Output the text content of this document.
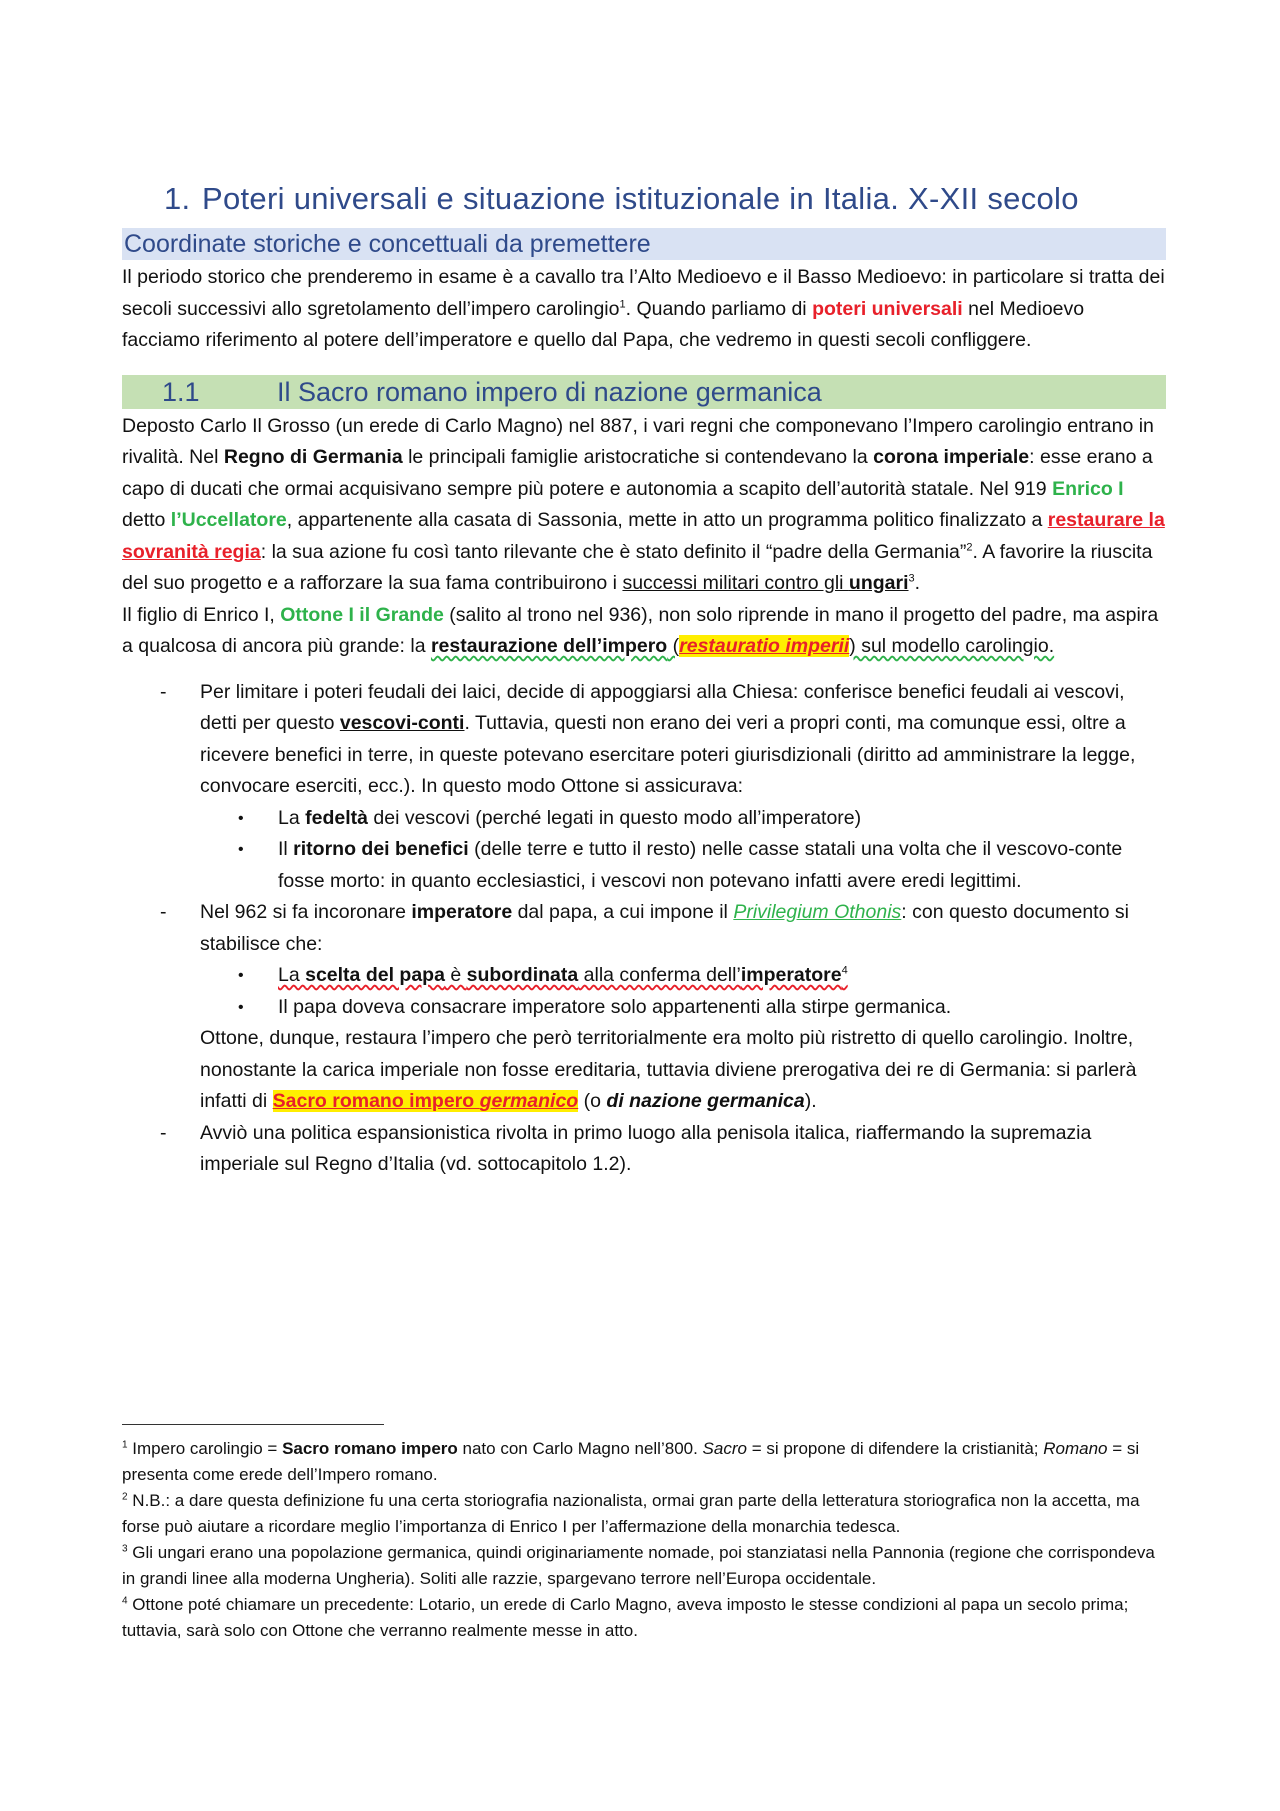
1. Poteri universali e situazione istituzionale in Italia. X-XII secolo
Coordinate storiche e concettuali da premettere

Il periodo storico che prenderemo in esame è a cavallo tra l’Alto Medioevo e il Basso Medioevo: in particolare si tratta dei secoli successivi allo sgretolamento dell’impero carolingio$^1$. Quando parliamo di poteri universali nel Medioevo facciamo riferimento al potere dell’imperatore e quello dal Papa, che vedremo in questi secoli confliggere.

1.1	Il Sacro romano impero di nazione germanica

Deposto Carlo Il Grosso (un erede di Carlo Magno) nel 887, i vari regni che componevano l’Impero carolingio entrano in rivalità. Nel Regno di Germania le principali famiglie aristocratiche si contendevano la corona imperiale: esse erano a capo di ducati che ormai acquisivano sempre più potere e autonomia a scapito dell’autorità statale. Nel 919 Enrico I detto l’Uccellatore, appartenente alla casata di Sassonia, mette in atto un programma politico finalizzato a restaurare la sovranità regia: la sua azione fu così tanto rilevante che è stato definito il “padre della Germania”$^2$. A favorire la riuscita del suo progetto e a rafforzare la sua fama contribuirono i successi militari contro gli ungari$^3$.

Il figlio di Enrico I, Ottone I il Grande (salito al trono nel 936), non solo riprende in mano il progetto del padre, ma aspira a qualcosa di ancora più grande: la restaurazione dell’impero (restauratio imperii) sul modello carolingio.

-	Per limitare i poteri feudali dei laici, decide di appoggiarsi alla Chiesa: conferisce benefici feudali ai vescovi, detti per questo vescovi-conti. Tuttavia, questi non erano dei veri a propri conti, ma comunque essi, oltre a ricevere benefici in terre, in queste potevano esercitare poteri giurisdizionali (diritto ad amministrare la legge, convocare eserciti, ecc.). In questo modo Ottone si assicurava:
•	La fedeltà dei vescovi (perché legati in questo modo all’imperatore)
•	Il ritorno dei benefici (delle terre e tutto il resto) nelle casse statali una volta che il vescovo-conte fosse morto: in quanto ecclesiastici, i vescovi non potevano infatti avere eredi legittimi.
-	Nel 962 si fa incoronare imperatore dal papa, a cui impone il Privilegium Othonis: con questo documento si stabilisce che:
•	La scelta del papa è subordinata alla conferma dell’imperatore$^4$
•	Il papa doveva consacrare imperatore solo appartenenti alla stirpe germanica.
Ottone, dunque, restaura l’impero che però territorialmente era molto più ristretto di quello carolingio. Inoltre, nonostante la carica imperiale non fosse ereditaria, tuttavia diviene prerogativa dei re di Germania: si parlerà infatti di Sacro romano impero germanico (o di nazione germanica).
-	Avviò una politica espansionistica rivolta in primo luogo alla penisola italica, riaffermando la supremazia imperiale sul Regno d’Italia (vd. sottocapitolo 1.2).

$^1$ Impero carolingio = Sacro romano impero nato con Carlo Magno nell’800. Sacro = si propone di difendere la cristianità; Romano = si presenta come erede dell’Impero romano.

$^2$ N.B.: a dare questa definizione fu una certa storiografia nazionalista, ormai gran parte della letteratura storiografica non la accetta, ma forse può aiutare a ricordare meglio l’importanza di Enrico I per l’affermazione della monarchia tedesca.

$^3$ Gli ungari erano una popolazione germanica, quindi originariamente nomade, poi stanziatasi nella Pannonia (regione che corrispondeva in grandi linee alla moderna Ungheria). Soliti alle razzie, spargevano terrore nell’Europa occidentale.

$^4$ Ottone poté chiamare un precedente: Lotario, un erede di Carlo Magno, aveva imposto le stesse condizioni al papa un secolo prima; tuttavia, sarà solo con Ottone che verranno realmente messe in atto.
